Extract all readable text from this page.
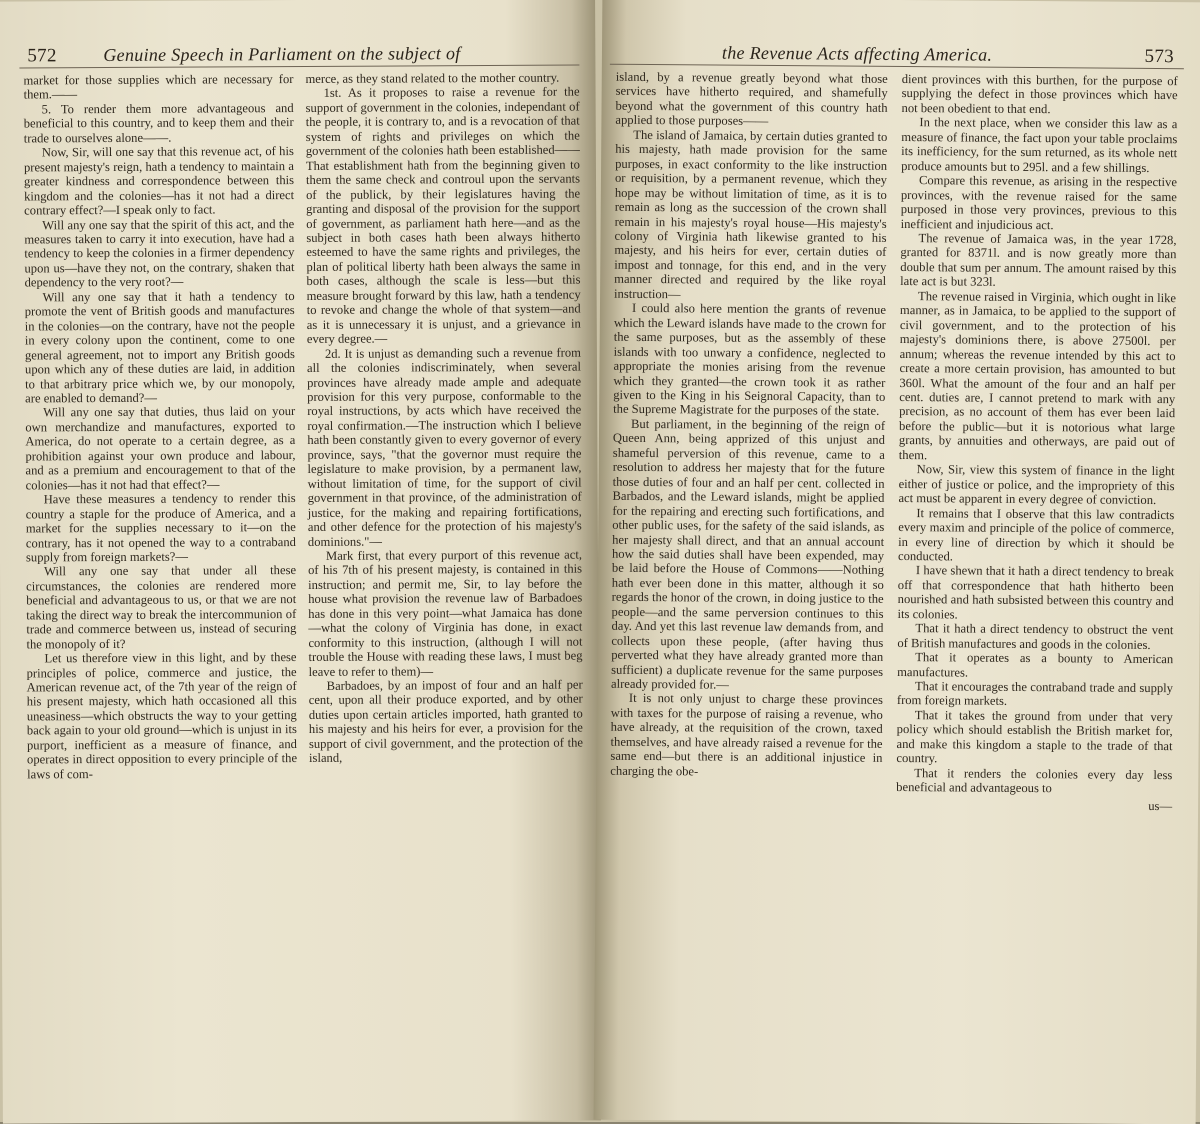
572	Genuine Speech in Parliament on the subject of

market for those supplies which are necessary for them.——

5. To render them more advantageous and beneficial to this country, and to keep them and their trade to ourselves alone——.

Now, Sir, will one say that this revenue act, of his present majesty's reign, hath a tendency to maintain a greater kindness and correspondence between this kingdom and the colonies—has it not had a direct contrary effect?—I speak only to fact.

Will any one say that the spirit of this act, and the measures taken to carry it into execution, have had a tendency to keep the colonies in a firmer dependency upon us—have they not, on the contrary, shaken that dependency to the very root?—

Will any one say that it hath a tendency to promote the vent of British goods and manufactures in the colonies—on the contrary, have not the people in every colony upon the continent, come to one general agreement, not to import any British goods upon which any of these duties are laid, in addition to that arbitrary price which we, by our monopoly, are enabled to demand?—

Will any one say that duties, thus laid on your own merchandize and manufactures, exported to America, do not operate to a certain degree, as a prohibition against your own produce and labour, and as a premium and encouragement to that of the colonies—has it not had that effect?—

Have these measures a tendency to render this country a staple for the produce of America, and a market for the supplies necessary to it—on the contrary, has it not opened the way to a contraband supply from foreign markets?—

Will any one say that under all these circumstances, the colonies are rendered more beneficial and advantageous to us, or that we are not taking the direct way to break the intercommunion of trade and commerce between us, instead of securing the monopoly of it?

Let us therefore view in this light, and by these principles of police, commerce and justice, the American revenue act, of the 7th year of the reign of his present majesty, which hath occasioned all this uneasiness—which obstructs the way to your getting back again to your old ground—which is unjust in its purport, inefficient as a measure of finance, and operates in direct opposition to every principle of the laws of com-

merce, as they stand related to the mother country.

1st. As it proposes to raise a revenue for the support of government in the colonies, independant of the people, it is contrary to, and is a revocation of that system of rights and privileges on which the government of the colonies hath been established——That establishment hath from the beginning given to them the same check and controul upon the servants of the publick, by their legislatures having the granting and disposal of the provision for the support of government, as parliament hath here—and as the subject in both cases hath been always hitherto esteemed to have the same rights and privileges, the plan of political liberty hath been always the same in both cases, although the scale is less—but this measure brought forward by this law, hath a tendency to revoke and change the whole of that system—and as it is unnecessary it is unjust, and a grievance in every degree.—

2d. It is unjust as demanding such a revenue from all the colonies indiscriminately, when several provinces have already made ample and adequate provision for this very purpose, conformable to the royal instructions, by acts which have received the royal confirmation.—The instruction which I believe hath been constantly given to every governor of every province, says, "that the governor must require the legislature to make provision, by a permanent law, without limitation of time, for the support of civil government in that province, of the administration of justice, for the making and repairing fortifications, and other defence for the protection of his majesty's dominions."—

Mark first, that every purport of this revenue act, of his 7th of his present majesty, is contained in this instruction; and permit me, Sir, to lay before the house what provision the revenue law of Barbadoes has done in this very point—what Jamaica has done—what the colony of Virginia has done, in exact conformity to this instruction, (although I will not trouble the House with reading these laws, I must beg leave to refer to them)—

Barbadoes, by an impost of four and an half per cent, upon all their produce exported, and by other duties upon certain articles imported, hath granted to his majesty and his heirs for ever, a provision for the support of civil government, and the protection of the island,

the Revenue Acts affecting America.	573

island, by a revenue greatly beyond what those services have hitherto required, and shamefully beyond what the government of this country hath applied to those purposes——

The island of Jamaica, by certain duties granted to his majesty, hath made provision for the same purposes, in exact conformity to the like instruction or requisition, by a permanent revenue, which they hope may be without limitation of time, as it is to remain as long as the succession of the crown shall remain in his majesty's royal house—His majesty's colony of Virginia hath likewise granted to his majesty, and his heirs for ever, certain duties of impost and tonnage, for this end, and in the very manner directed and required by the like royal instruction—

I could also here mention the grants of revenue which the Leward islands have made to the crown for the same purposes, but as the assembly of these islands with too unwary a confidence, neglected to appropriate the monies arising from the revenue which they granted—the crown took it as rather given to the King in his Seignoral Capacity, than to the Supreme Magistrate for the purposes of the state.

But parliament, in the beginning of the reign of Queen Ann, being apprized of this unjust and shameful perversion of this revenue, came to a resolution to address her majesty that for the future those duties of four and an half per cent. collected in Barbados, and the Leward islands, might be applied for the repairing and erecting such fortifications, and other public uses, for the safety of the said islands, as her majesty shall direct, and that an annual account how the said duties shall have been expended, may be laid before the House of Commons——Nothing hath ever been done in this matter, although it so regards the honor of the crown, in doing justice to the people—and the same perversion continues to this day. And yet this last revenue law demands from, and collects upon these people, (after having thus perverted what they have already granted more than sufficient) a duplicate revenue for the same purposes already provided for.—

It is not only unjust to charge these provinces with taxes for the purpose of raising a revenue, who have already, at the requisition of the crown, taxed themselves, and have already raised a revenue for the same end—but there is an additional injustice in charging the obe-

dient provinces with this burthen, for the purpose of supplying the defect in those provinces which have not been obedient to that end.

In the next place, when we consider this law as a measure of finance, the fact upon your table proclaims its inefficiency, for the sum returned, as its whole nett produce amounts but to 295l. and a few shillings.

Compare this revenue, as arising in the respective provinces, with the revenue raised for the same purposed in those very provinces, previous to this inefficient and injudicious act.

The revenue of Jamaica was, in the year 1728, granted for 8371l. and is now greatly more than double that sum per annum. The amount raised by this late act is but 323l.

The revenue raised in Virginia, which ought in like manner, as in Jamaica, to be applied to the support of civil government, and to the protection of his majesty's dominions there, is above 27500l. per annum; whereas the revenue intended by this act to create a more certain provision, has amounted to but 360l. What the amount of the four and an half per cent. duties are, I cannot pretend to mark with any precision, as no account of them has ever been laid before the public—but it is notorious what large grants, by annuities and otherways, are paid out of them.

Now, Sir, view this system of finance in the light either of justice or police, and the impropriety of this act must be apparent in every degree of conviction.

It remains that I observe that this law contradicts every maxim and principle of the police of commerce, in every line of direction by which it should be conducted.

I have shewn that it hath a direct tendency to break off that correspondence that hath hitherto been nourished and hath subsisted between this country and its colonies.

That it hath a direct tendency to obstruct the vent of British manufactures and goods in the colonies.

That it operates as a bounty to American manufactures.

That it encourages the contraband trade and supply from foreign markets.

That it takes the ground from under that very policy which should establish the British market for, and make this kingdom a staple to the trade of that country.

That it renders the colonies every day less beneficial and advantageous to

us—
